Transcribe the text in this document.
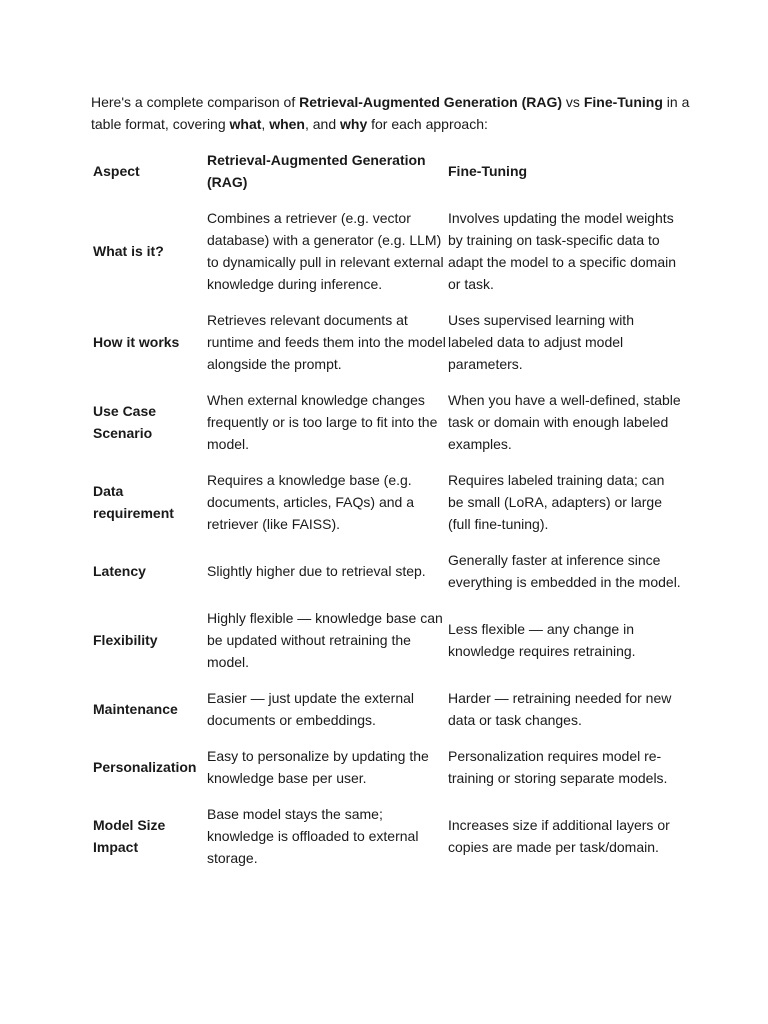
Here's a complete comparison of Retrieval-Augmented Generation (RAG) vs Fine-Tuning in a table format, covering what, when, and why for each approach:

Aspect	Retrieval-Augmented Generation (RAG)	Fine-Tuning
What is it?	Combines a retriever (e.g. vector database) with a generator (e.g. LLM) to dynamically pull in relevant external knowledge during inference.	Involves updating the model weights by training on task-specific data to adapt the model to a specific domain or task.
How it works	Retrieves relevant documents at runtime and feeds them into the model alongside the prompt.	Uses supervised learning with labeled data to adjust model parameters.
Use Case Scenario	When external knowledge changes frequently or is too large to fit into the model.	When you have a well-defined, stable task or domain with enough labeled examples.
Data requirement	Requires a knowledge base (e.g. documents, articles, FAQs) and a retriever (like FAISS).	Requires labeled training data; can be small (LoRA, adapters) or large (full fine-tuning).
Latency	Slightly higher due to retrieval step.	Generally faster at inference since everything is embedded in the model.
Flexibility	Highly flexible — knowledge base can be updated without retraining the model.	Less flexible — any change in knowledge requires retraining.
Maintenance	Easier — just update the external documents or embeddings.	Harder — retraining needed for new data or task changes.
Personalization	Easy to personalize by updating the knowledge base per user.	Personalization requires model re-training or storing separate models.
Model Size Impact	Base model stays the same; knowledge is offloaded to external storage.	Increases size if additional layers or copies are made per task/domain.
